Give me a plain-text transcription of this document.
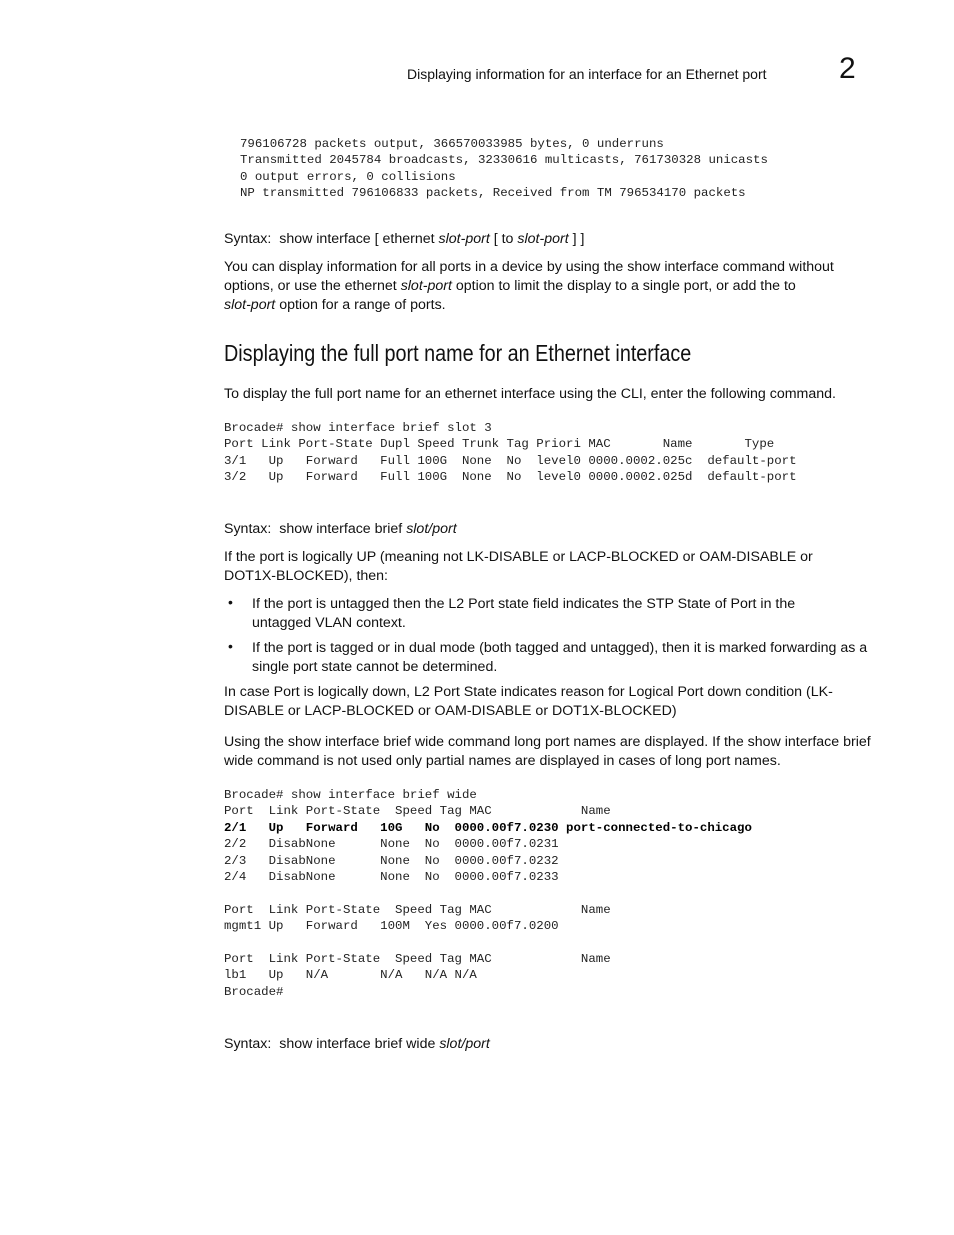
Displaying information for an interface for an Ethernet port 2
796106728 packets output, 366570033985 bytes, 0 underruns
Transmitted 2045784 broadcasts, 32330616 multicasts, 761730328 unicasts
0 output errors, 0 collisions
NP transmitted 796106833 packets, Received from TM 796534170 packets
Syntax: show interface [ ethernet slot-port [ to slot-port ] ]
You can display information for all ports in a device by using the show interface command without options, or use the ethernet slot-port option to limit the display to a single port, or add the to
slot-port option for a range of ports.
Displaying the full port name for an Ethernet interface
To display the full port name for an ethernet interface using the CLI, enter the following command.
Brocade# show interface brief slot 3
Port Link Port-State Dupl Speed Trunk Tag Priori MAC       Name       Type
3/1   Up   Forward   Full 100G  None  No  level0 0000.0002.025c  default-port
3/2   Up   Forward   Full 100G  None  No  level0 0000.0002.025d  default-port
Syntax: show interface brief slot/port
If the port is logically UP (meaning not LK-DISABLE or LACP-BLOCKED or OAM-DISABLE or DOT1X-BLOCKED), then:
• If the port is untagged then the L2 Port state field indicates the STP State of Port in the untagged VLAN context.
• If the port is tagged or in dual mode (both tagged and untagged), then it is marked forwarding as a single port state cannot be determined.
In case Port is logically down, L2 Port State indicates reason for Logical Port down condition (LK-DISABLE or LACP-BLOCKED or OAM-DISABLE or DOT1X-BLOCKED)
Using the show interface brief wide command long port names are displayed. If the show interface brief wide command is not used only partial names are displayed in cases of long port names.
Brocade# show interface brief wide
Port  Link Port-State  Speed Tag MAC            Name
2/1   Up   Forward   10G   No  0000.00f7.0230 port-connected-to-chicago
2/2   DisabNone      None  No  0000.00f7.0231
2/3   DisabNone      None  No  0000.00f7.0232
2/4   DisabNone      None  No  0000.00f7.0233
Port  Link Port-State  Speed Tag MAC            Name
mgmt1 Up   Forward   100M  Yes 0000.00f7.0200
Port  Link Port-State  Speed Tag MAC            Name
lb1   Up   N/A       N/A   N/A N/A
Brocade#
Syntax: show interface brief wide slot/port
